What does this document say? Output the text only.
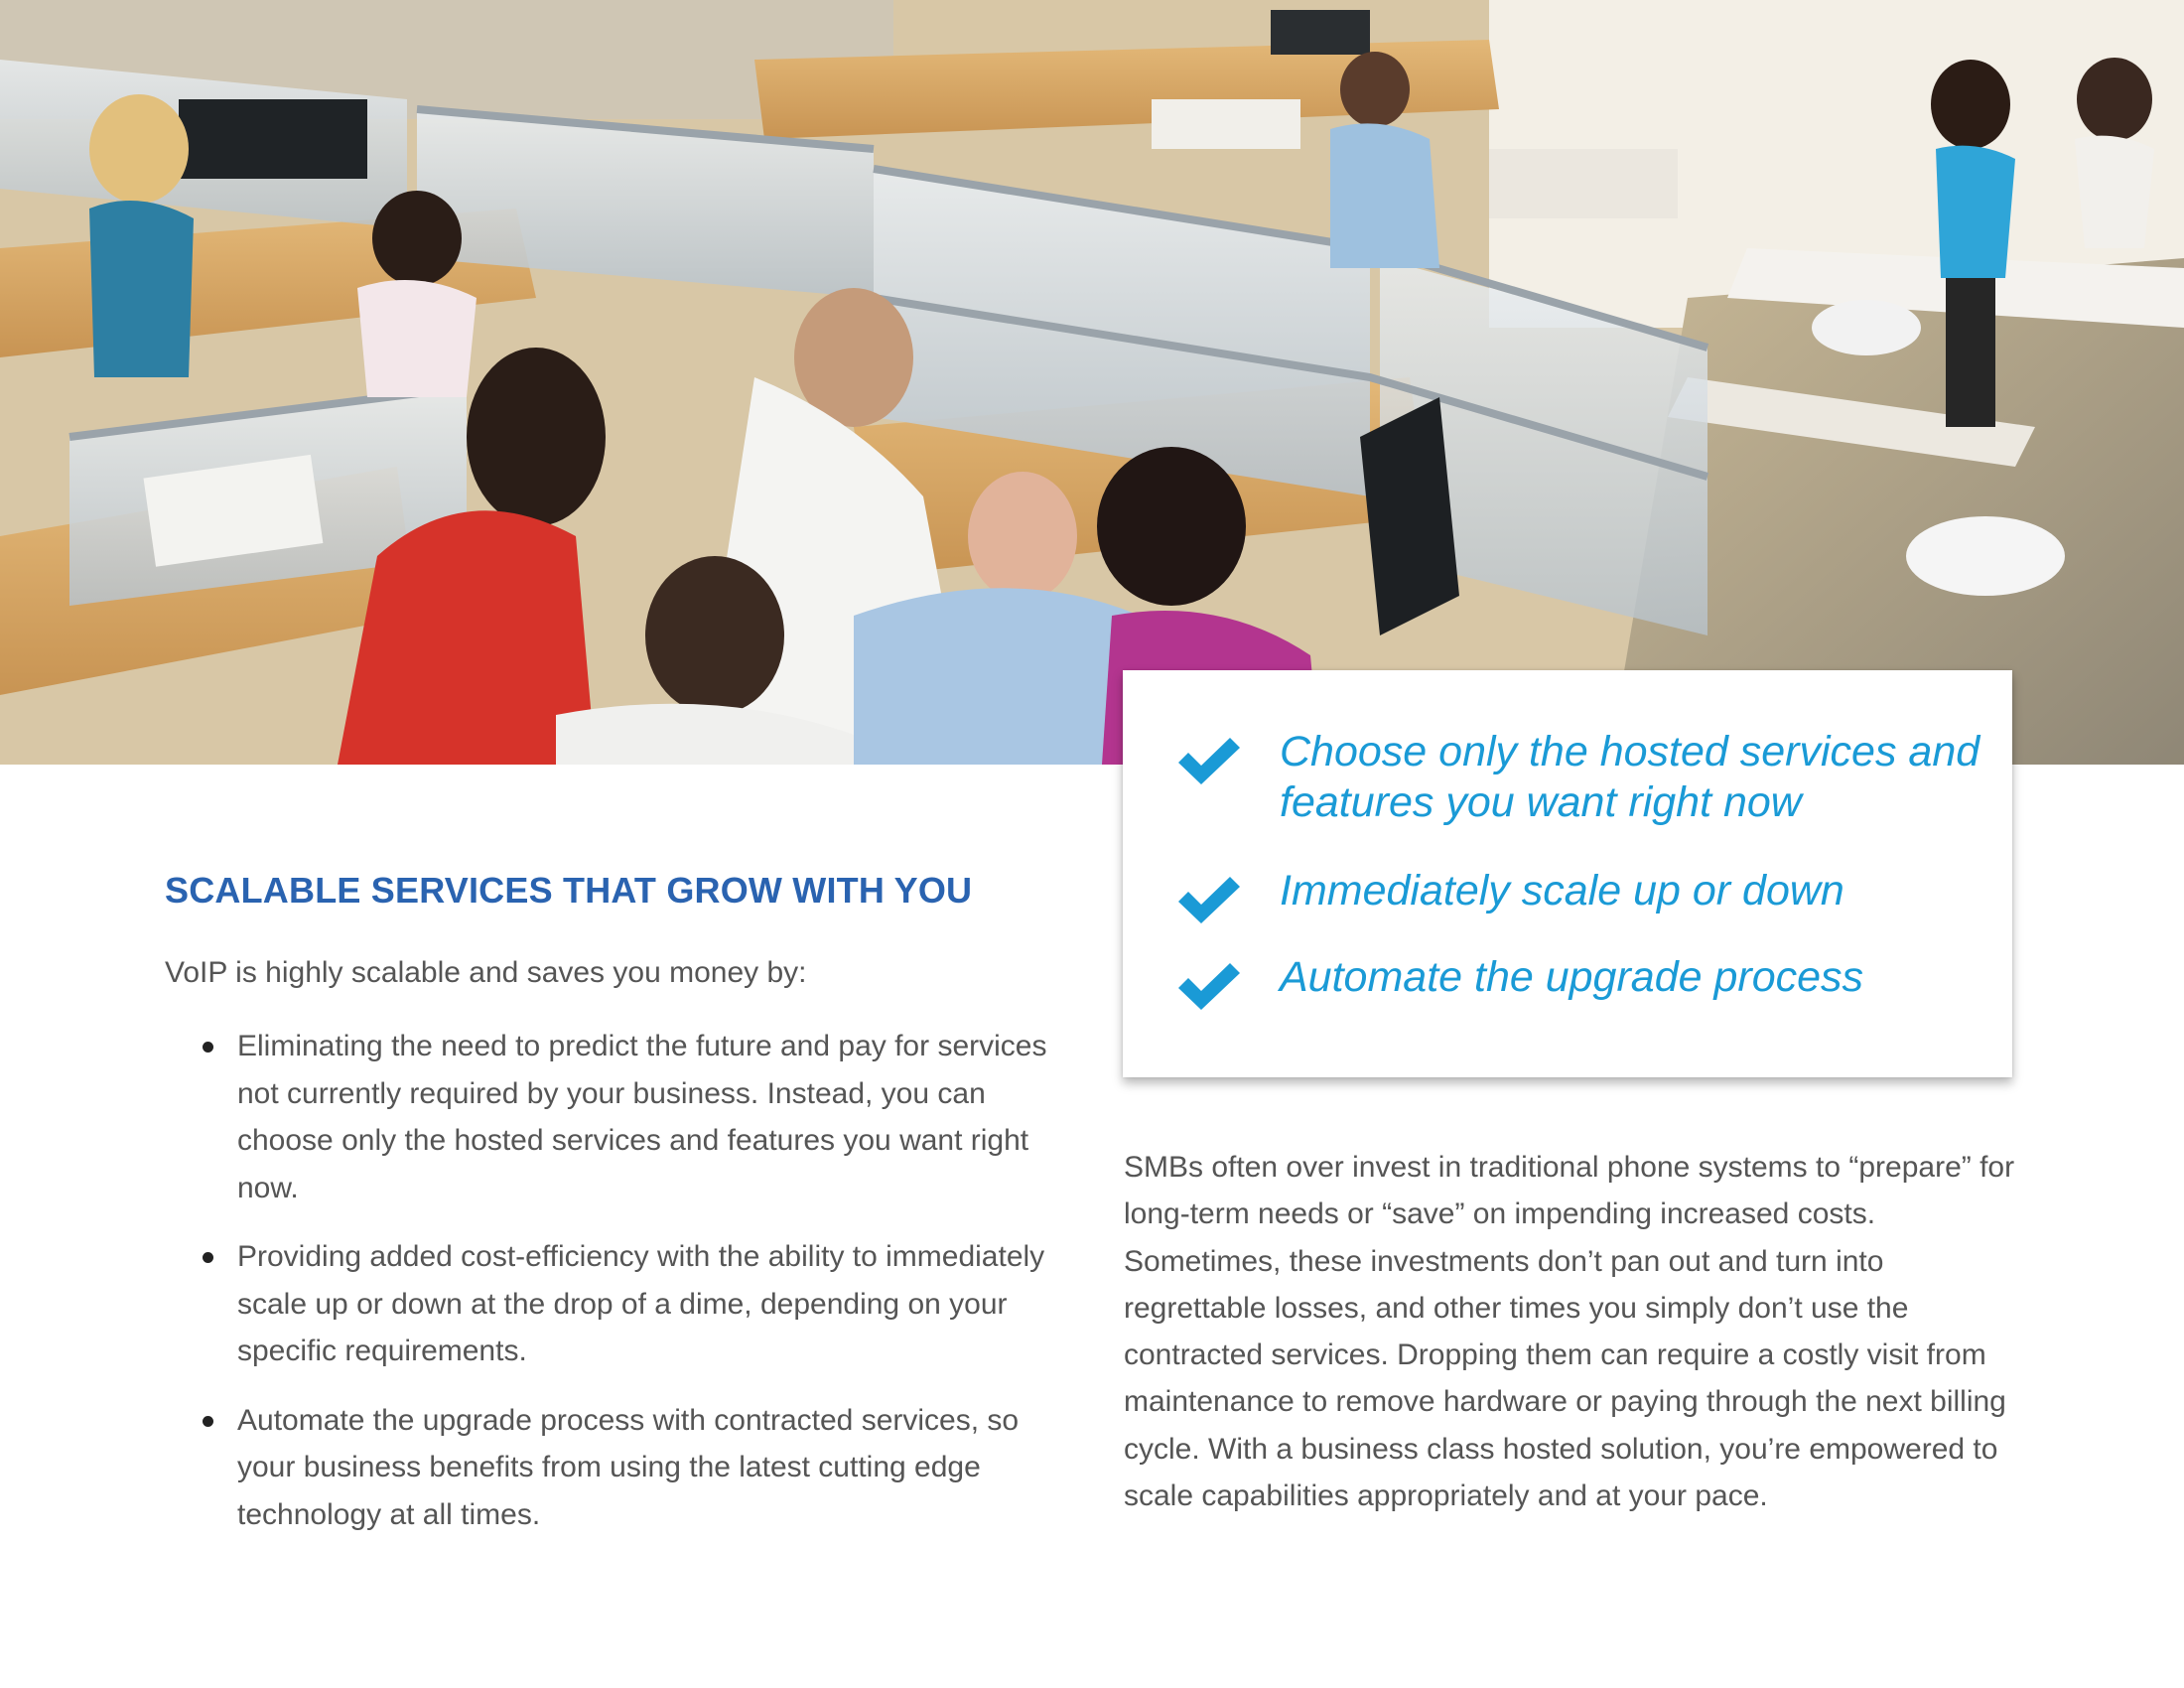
Choose only the hosted services and features you want right now
Immediately scale up or down
Automate the upgrade process
SCALABLE SERVICES THAT GROW WITH YOU

VoIP is highly scalable and saves you money by:

Eliminating the need to predict the future and pay for services not currently required by your business. Instead, you can choose only the hosted services and features you want right now.
Providing added cost-efficiency with the ability to immediately scale up or down at the drop of a dime, depending on your specific requirements.
Automate the upgrade process with contracted services, so your business benefits from using the latest cutting edge technology at all times.

SMBs often over invest in traditional phone systems to “prepare” for long-term needs or “save” on impending increased costs. Sometimes, these investments don’t pan out and turn into regrettable losses, and other times you simply don’t use the contracted services. Dropping them can require a costly visit from maintenance to remove hardware or paying through the next billing cycle. With a business class hosted solution, you’re empowered to scale capabilities appropriately and at your pace.
